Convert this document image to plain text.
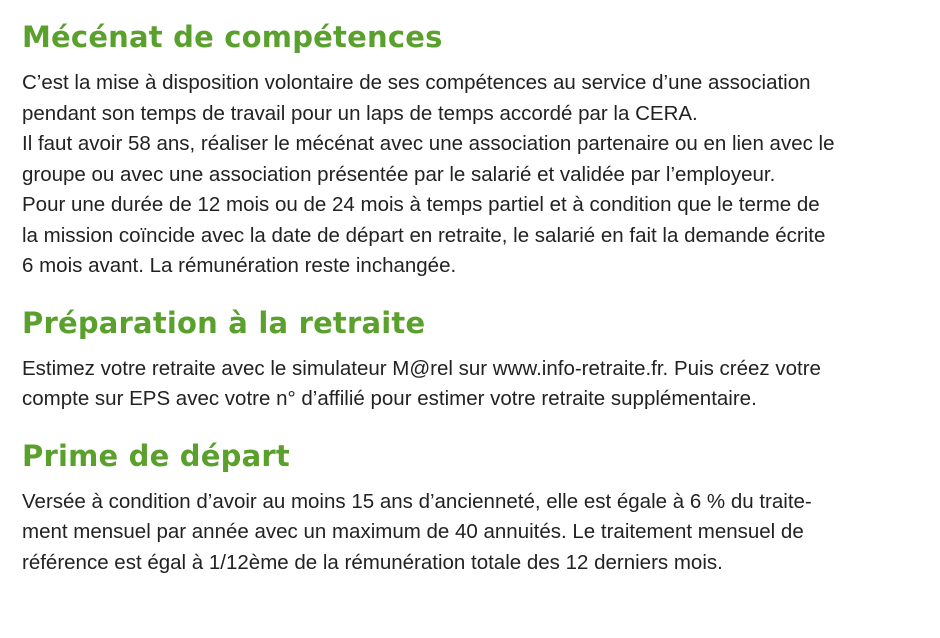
Mécénat de compétences

C’est la mise à disposition volontaire de ses compétences au service d’une association
pendant son temps de travail pour un laps de temps accordé par la CERA.
Il faut avoir 58 ans, réaliser le mécénat avec une association partenaire ou en lien avec le
groupe ou avec une association présentée par le salarié et validée par l’employeur.
Pour une durée de 12 mois ou de 24 mois à temps partiel et à condition que le terme de
la mission coïncide avec la date de départ en retraite, le salarié en fait la demande écrite
6 mois avant. La rémunération reste inchangée.

Préparation à la retraite

Estimez votre retraite avec le simulateur M@rel sur www.info-retraite.fr. Puis créez votre
compte sur EPS avec votre n° d’affilié pour estimer votre retraite supplémentaire.

Prime de départ

Versée à condition d’avoir au moins 15 ans d’ancienneté, elle est égale à 6 % du traite-
ment mensuel par année avec un maximum de 40 annuités. Le traitement mensuel de
référence est égal à 1/12ème de la rémunération totale des 12 derniers mois.
